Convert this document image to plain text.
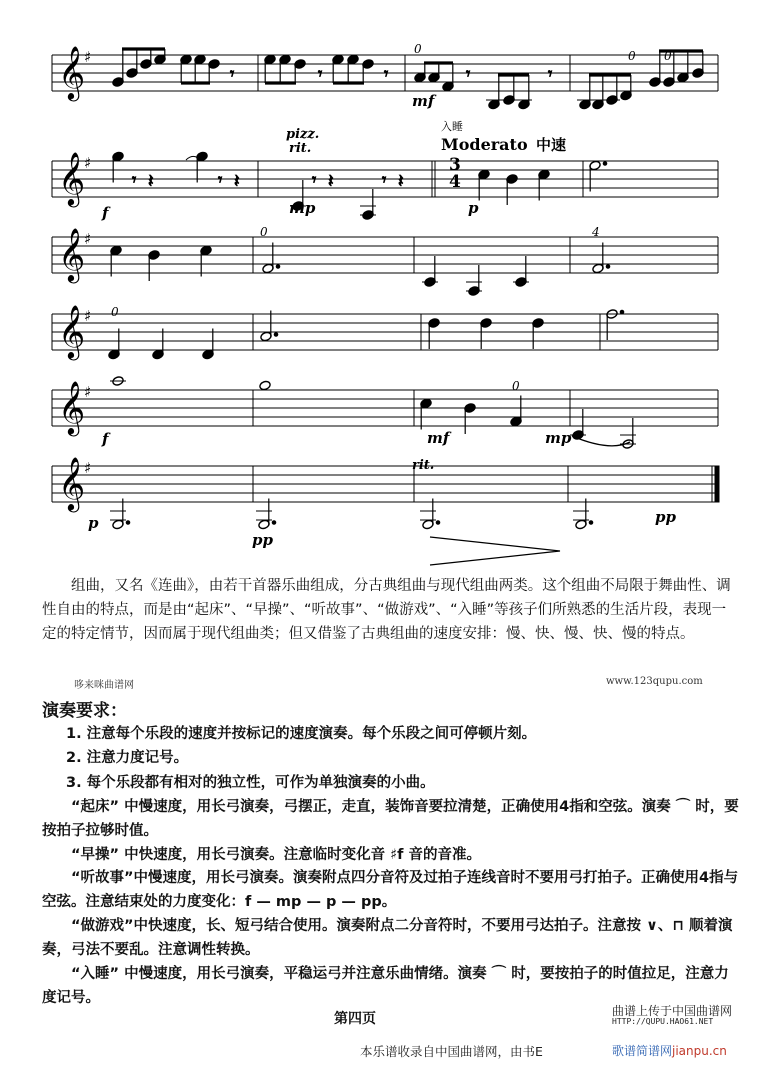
𝄞
♯
𝄞
♯
𝄞
♯
𝄞
♯
𝄞
♯
𝄞
♯
𝄾	𝄾	𝄾	𝄾	𝄾
𝄾 𝄽	𝄾 𝄽	𝄾 𝄽	𝄾 𝄽
3
4
入睡
Moderato 中速
pizz.
rit.
rit.
mf
f	mp	p
f	mf	mp
p
pp
pp
0	0 0
0	4
0
0
组曲，又名《连曲》，由若干首器乐曲组成，分古典组曲与现代组曲两类。这个组曲不局限于舞曲性、调性自由的特点，而是由“起床”、“早操”、“听故事”、“做游戏”、“入睡”等孩子们所熟悉的生活片段，表现一定的特定情节，因而属于现代组曲类；但又借鉴了古典组曲的速度安排：慢、快、慢、快、慢的特点。
哆来咪曲谱网	www.123qupu.com
演奏要求：
1. 注意每个乐段的速度并按标记的速度演奏。每个乐段之间可停顿片刻。
2. 注意力度记号。
3. 每个乐段都有相对的独立性，可作为单独演奏的小曲。
“起床” 中慢速度，用长弓演奏，弓摆正，走直，装饰音要拉清楚，正确使用4指和空弦。演奏 ⌒ 时，要按拍子拉够时值。
“早操” 中快速度，用长弓演奏。注意临时变化音 ♯f 音的音准。
“听故事”中慢速度，用长弓演奏。演奏附点四分音符及过拍子连线音时不要用弓打拍子。正确使用4指与空弦。注意结束处的力度变化：f — mp — p — pp。
“做游戏”中快速度，长、短弓结合使用。演奏附点二分音符时，不要用弓达拍子。注意按 ∨、⊓ 顺着演奏，弓法不要乱。注意调性转换。
“入睡” 中慢速度，用长弓演奏，平稳运弓并注意乐曲情绪。演奏 ⌒ 时，要按拍子的时值拉足，注意力度记号。
第四页
本乐谱收录自中国曲谱网，由书Ε
曲谱上传于中国曲谱网
HTTP://QUPU.HAO61.NET
歌谱简谱网jianpu.cn
